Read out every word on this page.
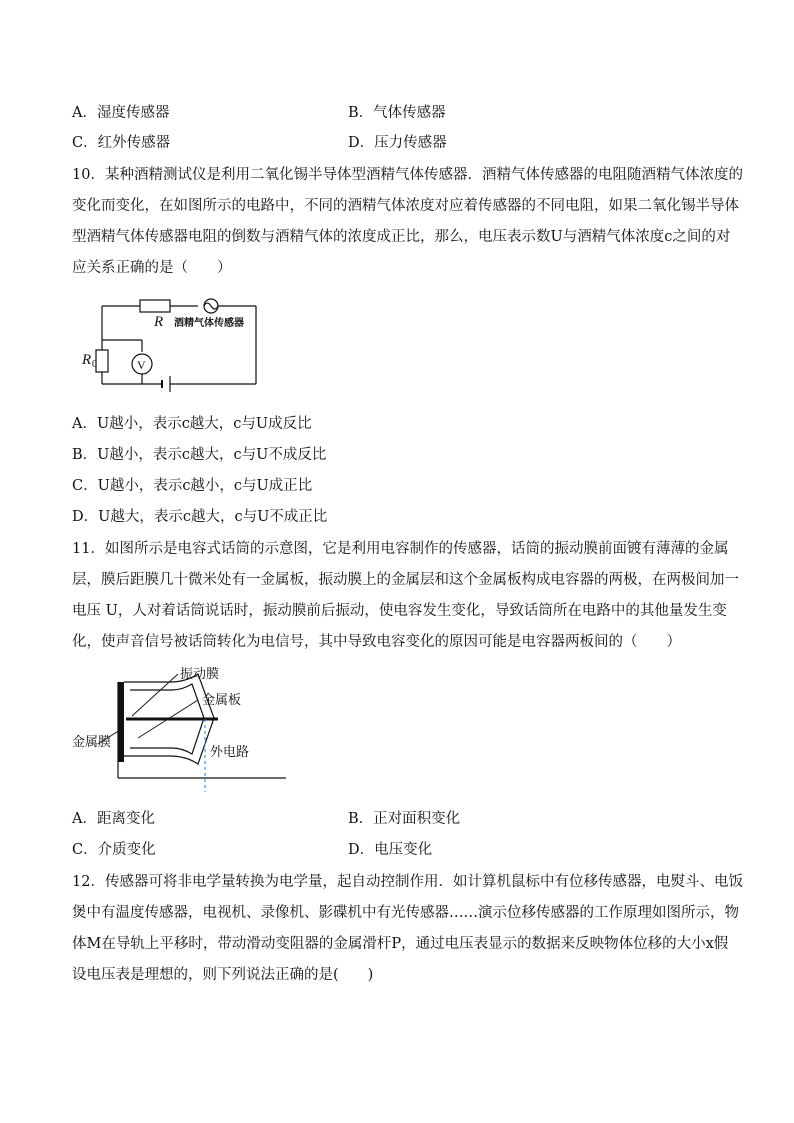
A．湿度传感器	B．气体传感器
C．红外传感器	D．压力传感器
10．某种酒精测试仪是利用二氧化锡半导体型酒精气体传感器．酒精气体传感器的电阻随酒精气体浓度的
变化而变化，在如图所示的电路中，不同的酒精气体浓度对应着传感器的不同电阻，如果二氧化锡半导体
型酒精气体传感器电阻的倒数与酒精气体的浓度成正比，那么，电压表示数U与酒精气体浓度c之间的对
应关系正确的是（　　）
R 酒精气体传感器
R 0	V
A．U越小，表示c越大，c与U成反比
B．U越小，表示c越大，c与U不成反比
C．U越小，表示c越小，c与U成正比
D．U越大，表示c越大，c与U不成正比
11．如图所示是电容式话筒的示意图，它是利用电容制作的传感器，话筒的振动膜前面镀有薄薄的金属
层，膜后距膜几十微米处有一金属板，振动膜上的金属层和这个金属板构成电容器的两极，在两极间加一
电压 U，人对着话筒说话时，振动膜前后振动，使电容发生变化，导致话筒所在电路中的其他量发生变
化，使声音信号被话筒转化为电信号，其中导致电容变化的原因可能是电容器两板间的（　　）
振动膜
金属板
金属膜
外电路
A．距离变化	B．正对面积变化
C．介质变化	D．电压变化
12．传感器可将非电学量转换为电学量，起自动控制作用．如计算机鼠标中有位移传感器，电熨斗、电饭
煲中有温度传感器，电视机、录像机、影碟机中有光传感器……演示位移传感器的工作原理如图所示，物
体M在导轨上平移时，带动滑动变阻器的金属滑杆P，通过电压表显示的数据来反映物体位移的大小x假
设电压表是理想的，则下列说法正确的是(　　)
